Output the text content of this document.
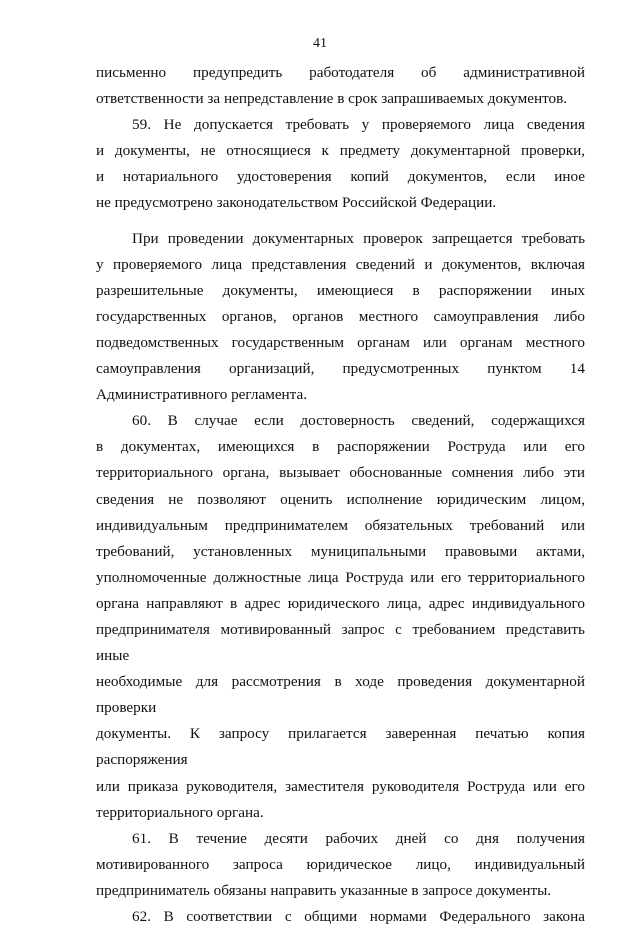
41

письменно предупредить работодателя об административной

ответственности за непредставление в срок запрашиваемых документов.

59. Не допускается требовать у проверяемого лица сведения

и документы, не относящиеся к предмету документарной проверки,

и нотариального удостоверения копий документов, если иное

не предусмотрено законодательством Российской Федерации.

При проведении документарных проверок запрещается требовать

у проверяемого лица представления сведений и документов, включая

разрешительные документы, имеющиеся в распоряжении иных

государственных органов, органов местного самоуправления либо

подведомственных государственным органам или органам местного

самоуправления организаций, предусмотренных пунктом 14

Административного регламента.

60. В случае если достоверность сведений, содержащихся

в документах, имеющихся в распоряжении Роструда или его

территориального органа, вызывает обоснованные сомнения либо эти

сведения не позволяют оценить исполнение юридическим лицом,

индивидуальным предпринимателем обязательных требований или

требований, установленных муниципальными правовыми актами,

уполномоченные должностные лица Роструда или его территориального

органа направляют в адрес юридического лица, адрес индивидуального

предпринимателя мотивированный запрос с требованием представить иные

необходимые для рассмотрения в ходе проведения документарной проверки

документы. К запросу прилагается заверенная печатью копия распоряжения

или приказа руководителя, заместителя руководителя Роструда или его

территориального органа.

61. В течение десяти рабочих дней со дня получения

мотивированного запроса юридическое лицо, индивидуальный

предприниматель обязаны направить указанные в запросе документы.

62. В соответствии с общими нормами Федерального закона
